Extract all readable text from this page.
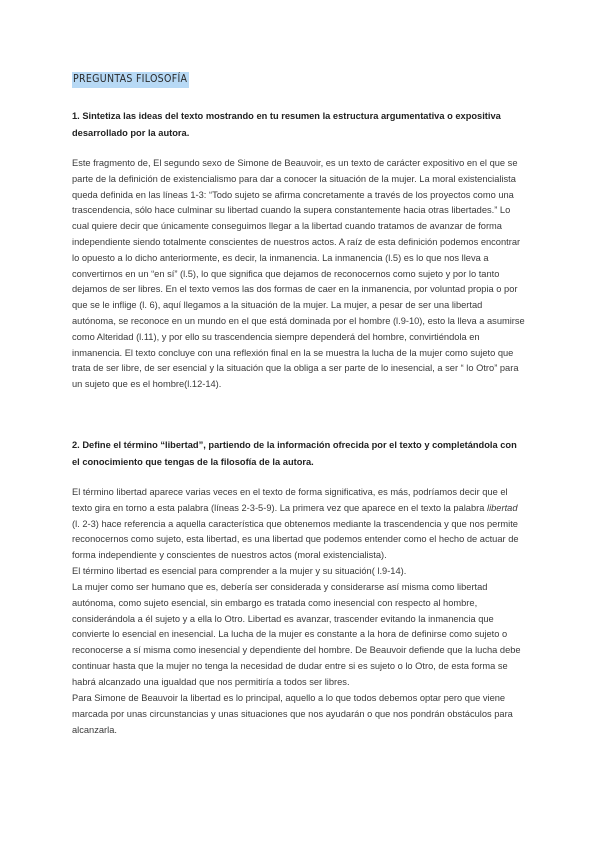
PREGUNTAS FILOSOFÍA
1. Sintetiza las ideas del texto mostrando en tu resumen la estructura argumentativa o expositiva desarrollado por la autora.

Este fragmento de, El segundo sexo de Simone de Beauvoir, es un texto de carácter expositivo en el que se parte de la definición de existencialismo para dar a conocer la situación de la mujer. La moral existencialista queda definida en las líneas 1-3: “Todo sujeto se afirma concretamente a través de los proyectos como una trascendencia, sólo hace culminar su libertad cuando la supera constantemente hacia otras libertades.” Lo cual quiere decir que únicamente conseguimos llegar a la libertad cuando tratamos de avanzar de forma independiente siendo totalmente conscientes de nuestros actos. A raíz de esta definición podemos encontrar lo opuesto a lo dicho anteriormente, es decir, la inmanencia. La inmanencia (l.5) es lo que nos lleva a convertirnos en un “en sí” (l.5), lo que significa que dejamos de reconocernos como sujeto y por lo tanto dejamos de ser libres. En el texto vemos las dos formas de caer en la inmanencia, por voluntad propia o por que se le inflige (l. 6), aquí llegamos a la situación de la mujer. La mujer, a pesar de ser una libertad autónoma, se reconoce en un mundo en el que está dominada por el hombre (l.9-10), esto la lleva a asumirse como Alteridad (l.11), y por ello su trascendencia siempre dependerá del hombre, convirtiéndola en inmanencia. El texto concluye con una reflexión final en la se muestra la lucha de la mujer como sujeto que trata de ser libre, de ser esencial y la situación que la obliga a ser parte de lo inesencial, a ser “ lo Otro” para un sujeto que es el hombre(l.12-14).

2. Define el término “libertad”, partiendo de la información ofrecida por el texto y completándola con el conocimiento que tengas de la filosofía de la autora.

El término libertad aparece varias veces en el texto de forma significativa, es más, podríamos decir que el texto gira en torno a esta palabra (líneas 2-3-5-9). La primera vez que aparece en el texto la palabra libertad (l. 2-3) hace referencia a aquella característica que obtenemos mediante la trascendencia y que nos permite reconocernos como sujeto, esta libertad, es una libertad que podemos entender como el hecho de actuar de forma independiente y conscientes de nuestros actos (moral existencialista).

El término libertad es esencial para comprender a la mujer y su situación( l.9-14).

La mujer como ser humano que es, debería ser considerada y considerarse así misma como libertad autónoma, como sujeto esencial, sin embargo es tratada como inesencial con respecto al hombre, considerándola a él sujeto y a ella lo Otro. Libertad es avanzar, trascender evitando la inmanencia que convierte lo esencial en inesencial. La lucha de la mujer es constante a la hora de definirse como sujeto o reconocerse a sí misma como inesencial y dependiente del hombre. De Beauvoir defiende que la lucha debe continuar hasta que la mujer no tenga la necesidad de dudar entre si es sujeto o lo Otro, de esta forma se habrá alcanzado una igualdad que nos permitiría a todos ser libres.

Para Simone de Beauvoir la libertad es lo principal, aquello a lo que todos debemos optar pero que viene marcada por unas circunstancias y unas situaciones que nos ayudarán o que nos pondrán obstáculos para alcanzarla.
